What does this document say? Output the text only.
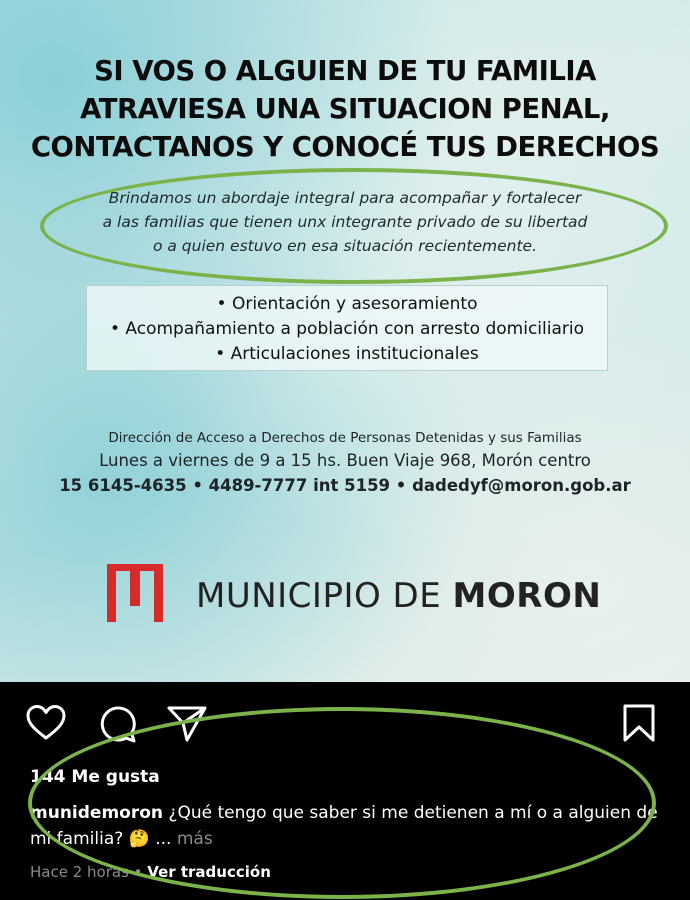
SI VOS O ALGUIEN DE TU FAMILIA
ATRAVIESA UNA SITUACION PENAL,
CONTACTANOS Y CONOCÉ TUS DERECHOS
Brindamos un abordaje integral para acompañar y fortalecer
a las familias que tienen unx integrante privado de su libertad
o a quien estuvo en esa situación recientemente.
• Orientación y asesoramiento
• Acompañamiento a población con arresto domiciliario
• Articulaciones institucionales
Dirección de Acceso a Derechos de Personas Detenidas y sus Familias
Lunes a viernes de 9 a 15 hs. Buen Viaje 968, Morón centro
15 6145-4635 • 4489-7777 int 5159 • dadedyf@moron.gob.ar
MUNICIPIO DE MORON
144 Me gusta
munidemoron ¿Qué tengo que saber si me detienen a mí o a alguien de mi familia? 🤔 ... más
Hace 2 horas • Ver traducción
